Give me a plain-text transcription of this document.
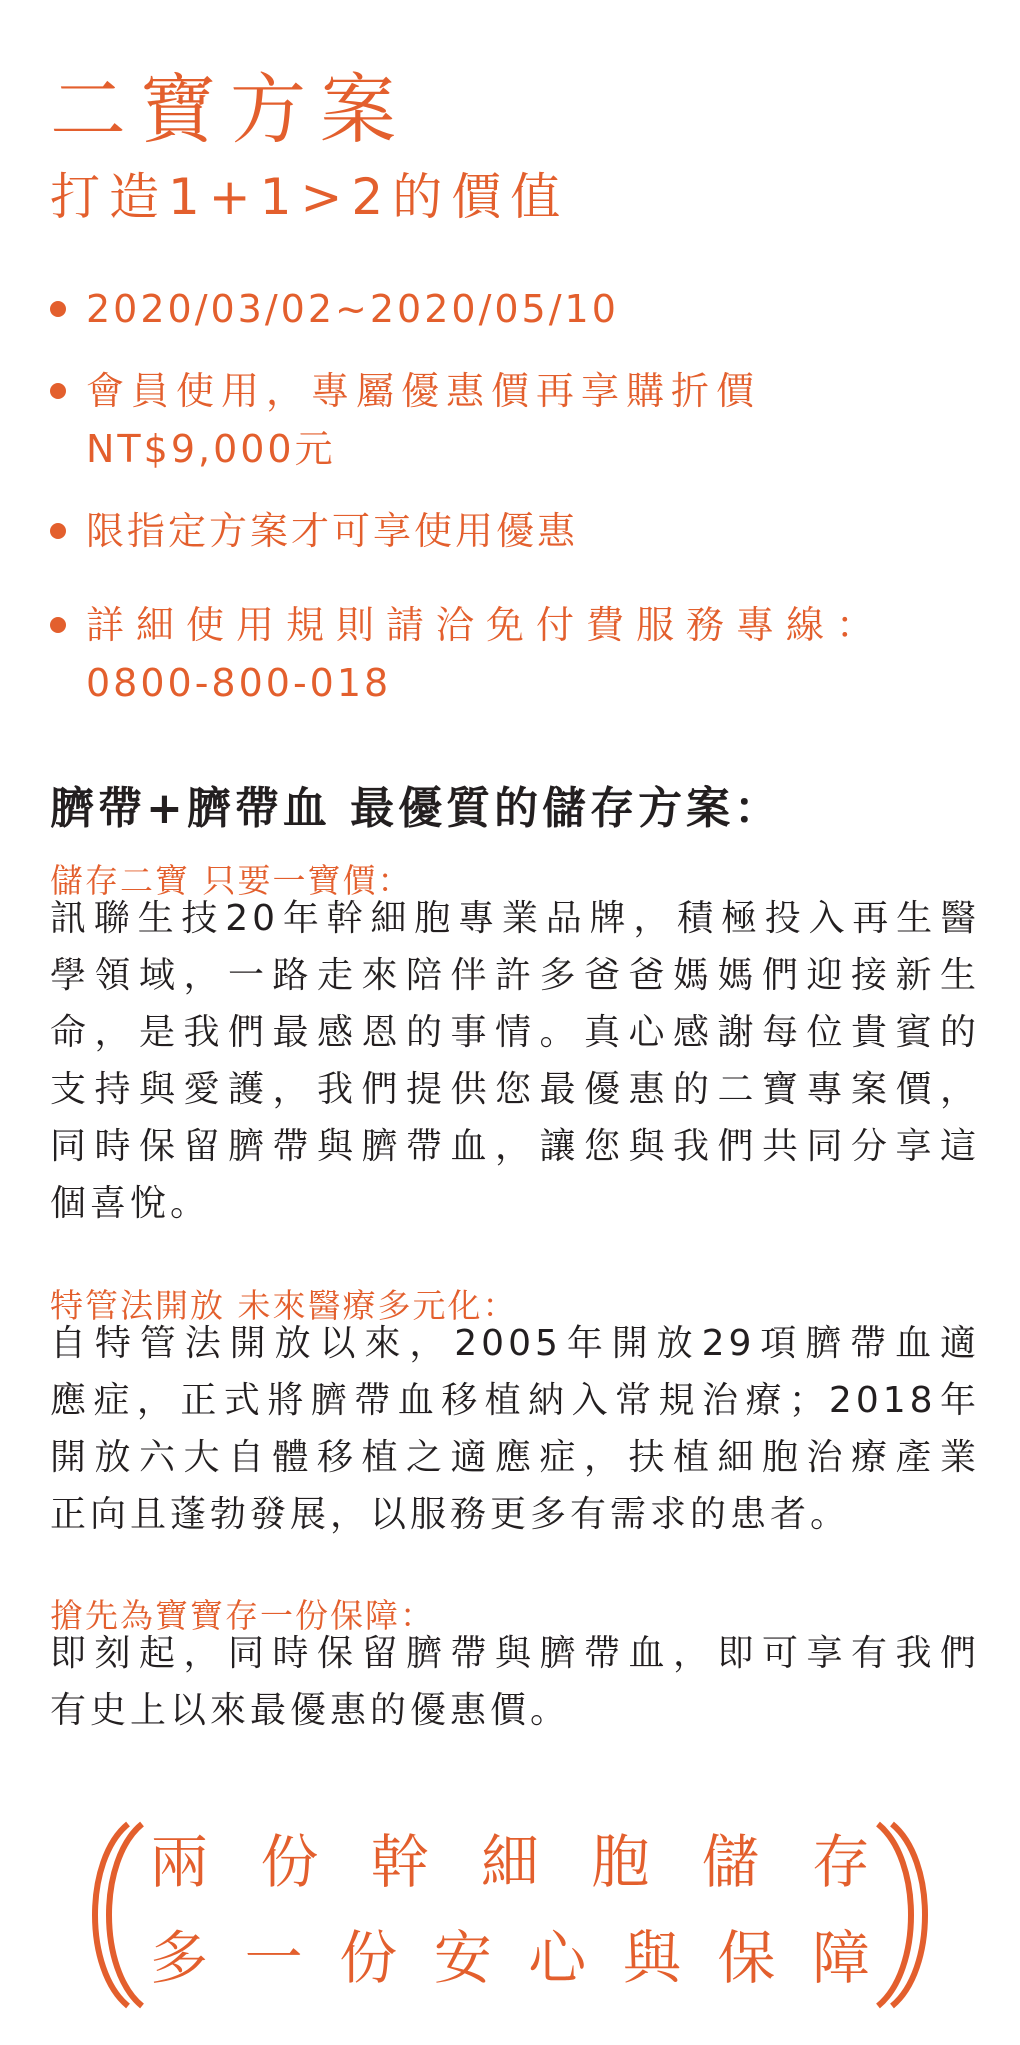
二寶方案
打造1+1>2的價值
2020/03/02~2020/05/10
會員使用，專屬優惠價再享購折價
NT$9,000元
限指定方案才可享使用優惠
詳細使用規則請洽免付費服務專線：
0800-800-018
臍帶+臍帶血 最優質的儲存方案：
儲存二寶 只要一寶價：
訊聯生技20年幹細胞專業品牌，積極投入再生醫
學領域，一路走來陪伴許多爸爸媽媽們迎接新生
命，是我們最感恩的事情。真心感謝每位貴賓的
支持與愛護，我們提供您最優惠的二寶專案價，
同時保留臍帶與臍帶血，讓您與我們共同分享這
個喜悅。
特管法開放 未來醫療多元化：
自特管法開放以來，2005年開放29項臍帶血適
應症，正式將臍帶血移植納入常規治療；2018年
開放六大自體移植之適應症，扶植細胞治療產業
正向且蓬勃發展，以服務更多有需求的患者。
搶先為寶寶存一份保障：
即刻起，同時保留臍帶與臍帶血，即可享有我們
有史上以來最優惠的優惠價。
兩份幹細胞儲存
多一份安心與保障
